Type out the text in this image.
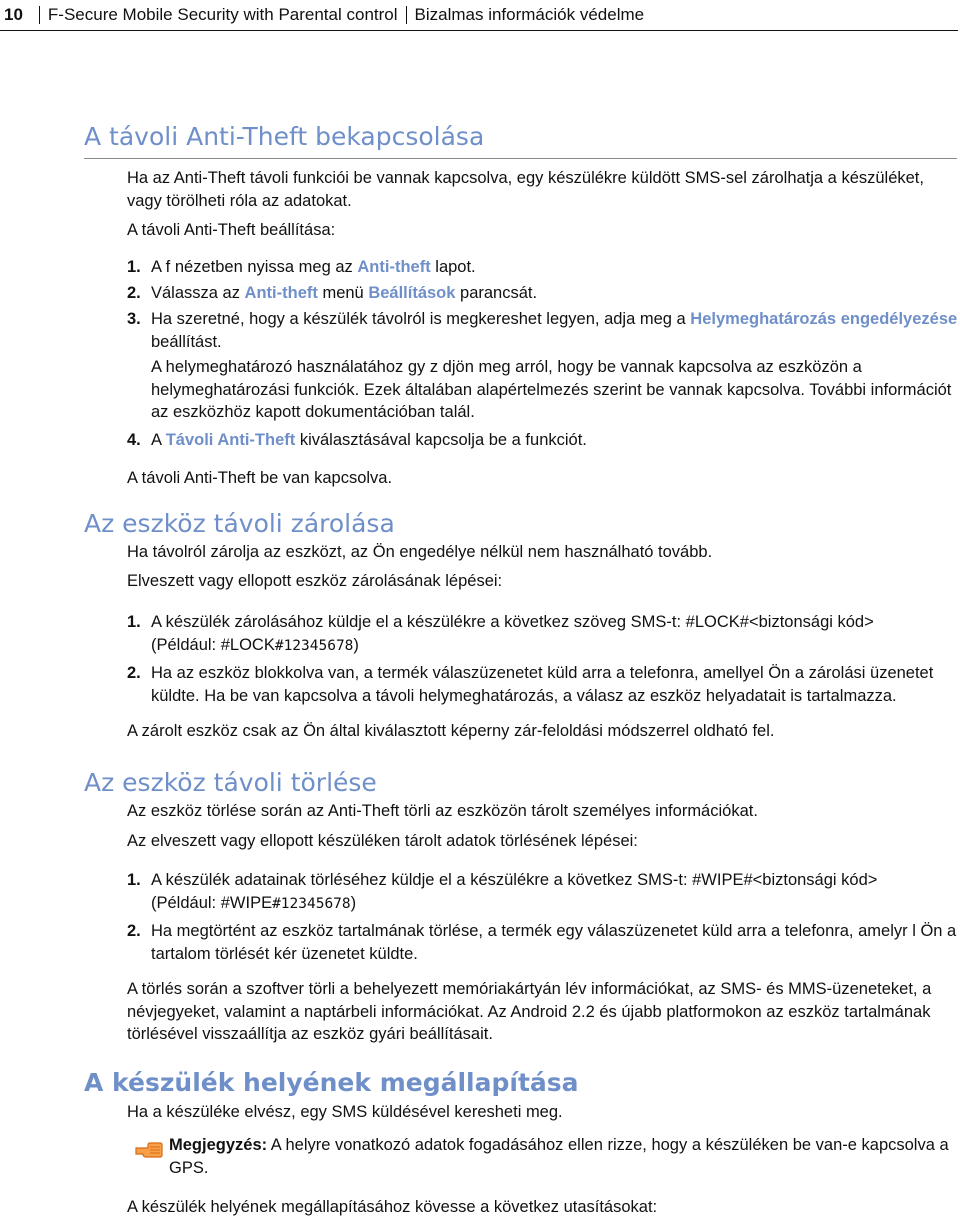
10 F-Secure Mobile Security with Parental control Bizalmas információk védelme
A távoli Anti-Theft bekapcsolása

Ha az Anti-Theft távoli funkciói be vannak kapcsolva, egy készülékre küldött SMS-sel zárolhatja a készüléket, vagy törölheti róla az adatokat.

A távoli Anti-Theft beállítása:

1. A f nézetben nyissa meg az Anti-theft lapot.
2. Válassza az Anti-theft menü Beállítások parancsát.
3. Ha szeretné, hogy a készülék távolról is megkereshet legyen, adja meg a Helymeghatározás engedélyezése beállítást.

A helymeghatározó használatához gy z djön meg arról, hogy be vannak kapcsolva az eszközön a helymeghatározási funkciók. Ezek általában alapértelmezés szerint be vannak kapcsolva. További információt az eszközhöz kapott dokumentációban talál.

4. A Távoli Anti-Theft kiválasztásával kapcsolja be a funkciót.

A távoli Anti-Theft be van kapcsolva.

Az eszköz távoli zárolása

Ha távolról zárolja az eszközt, az Ön engedélye nélkül nem használható tovább.

Elveszett vagy ellopott eszköz zárolásának lépései:

1. A készülék zárolásához küldje el a készülékre a következ szöveg SMS-t: #LOCK#<biztonsági kód>
(Például: #LOCK#12345678)
2. Ha az eszköz blokkolva van, a termék válaszüzenetet küld arra a telefonra, amellyel Ön a zárolási üzenetet küldte. Ha be van kapcsolva a távoli helymeghatározás, a válasz az eszköz helyadatait is tartalmazza.

A zárolt eszköz csak az Ön által kiválasztott képerny zár-feloldási módszerrel oldható fel.

Az eszköz távoli törlése

Az eszköz törlése során az Anti-Theft törli az eszközön tárolt személyes információkat.

Az elveszett vagy ellopott készüléken tárolt adatok törlésének lépései:

1. A készülék adatainak törléséhez küldje el a készülékre a következ SMS-t: #WIPE#<biztonsági kód>
(Például: #WIPE#12345678)
2. Ha megtörtént az eszköz tartalmának törlése, a termék egy válaszüzenetet küld arra a telefonra, amelyr l Ön a tartalom törlését kér üzenetet küldte.

A törlés során a szoftver törli a behelyezett memóriakártyán lév információkat, az SMS- és MMS-üzeneteket, a névjegyeket, valamint a naptárbeli információkat. Az Android 2.2 és újabb platformokon az eszköz tartalmának törlésével visszaállítja az eszköz gyári beállításait.

A készülék helyének megállapítása

Ha a készüléke elvész, egy SMS küldésével keresheti meg.

Megjegyzés: A helyre vonatkozó adatok fogadásához ellen rizze, hogy a készüléken be van-e kapcsolva a GPS.

A készülék helyének megállapításához kövesse a következ utasításokat:
